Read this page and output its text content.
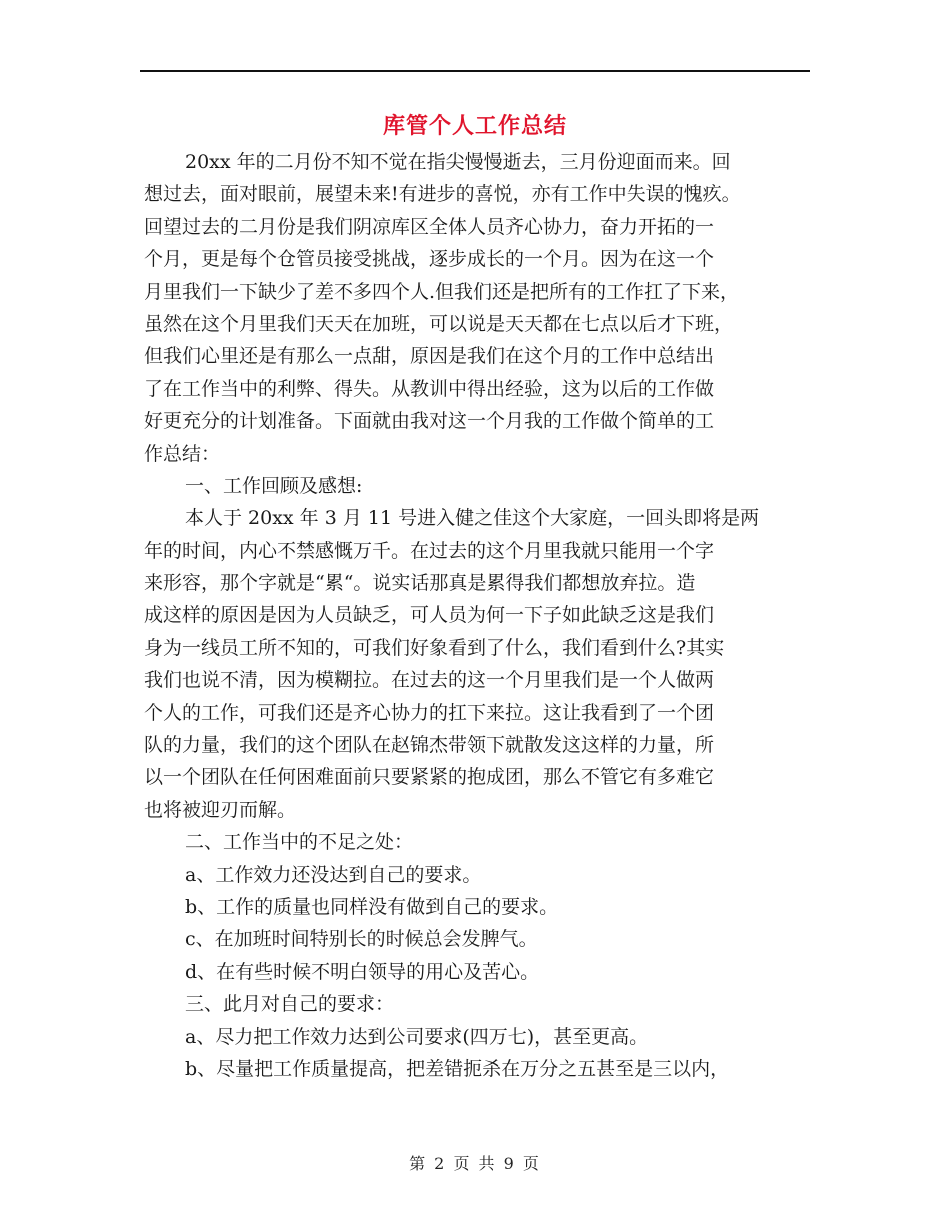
库管个人工作总结
20xx 年的二月份不知不觉在指尖慢慢逝去，三月份迎面而来。回
想过去，面对眼前，展望未来!有进步的喜悦，亦有工作中失误的愧疚。
回望过去的二月份是我们阴凉库区全体人员齐心协力，奋力开拓的一
个月，更是每个仓管员接受挑战，逐步成长的一个月。因为在这一个
月里我们一下缺少了差不多四个人.但我们还是把所有的工作扛了下来，
虽然在这个月里我们天天在加班，可以说是天天都在七点以后才下班，
但我们心里还是有那么一点甜，原因是我们在这个月的工作中总结出
了在工作当中的利弊、得失。从教训中得出经验，这为以后的工作做
好更充分的计划准备。下面就由我对这一个月我的工作做个简单的工
作总结：
一、工作回顾及感想:
本人于 20xx 年 3 月 11 号进入健之佳这个大家庭，一回头即将是两
年的时间，内心不禁感慨万千。在过去的这个月里我就只能用一个字
来形容，那个字就是“累“。说实话那真是累得我们都想放弃拉。造
成这样的原因是因为人员缺乏，可人员为何一下子如此缺乏这是我们
身为一线员工所不知的，可我们好象看到了什么，我们看到什么?其实
我们也说不清，因为模糊拉。在过去的这一个月里我们是一个人做两
个人的工作，可我们还是齐心协力的扛下来拉。这让我看到了一个团
队的力量，我们的这个团队在赵锦杰带领下就散发这这样的力量，所
以一个团队在任何困难面前只要紧紧的抱成团，那么不管它有多难它
也将被迎刃而解。
二、工作当中的不足之处：
a、工作效力还没达到自己的要求。
b、工作的质量也同样没有做到自己的要求。
c、在加班时间特别长的时候总会发脾气。
d、在有些时候不明白领导的用心及苦心。
三、此月对自己的要求：
a、尽力把工作效力达到公司要求(四万七)，甚至更高。
b、尽量把工作质量提高，把差错扼杀在万分之五甚至是三以内，
第 2 页 共 9 页
